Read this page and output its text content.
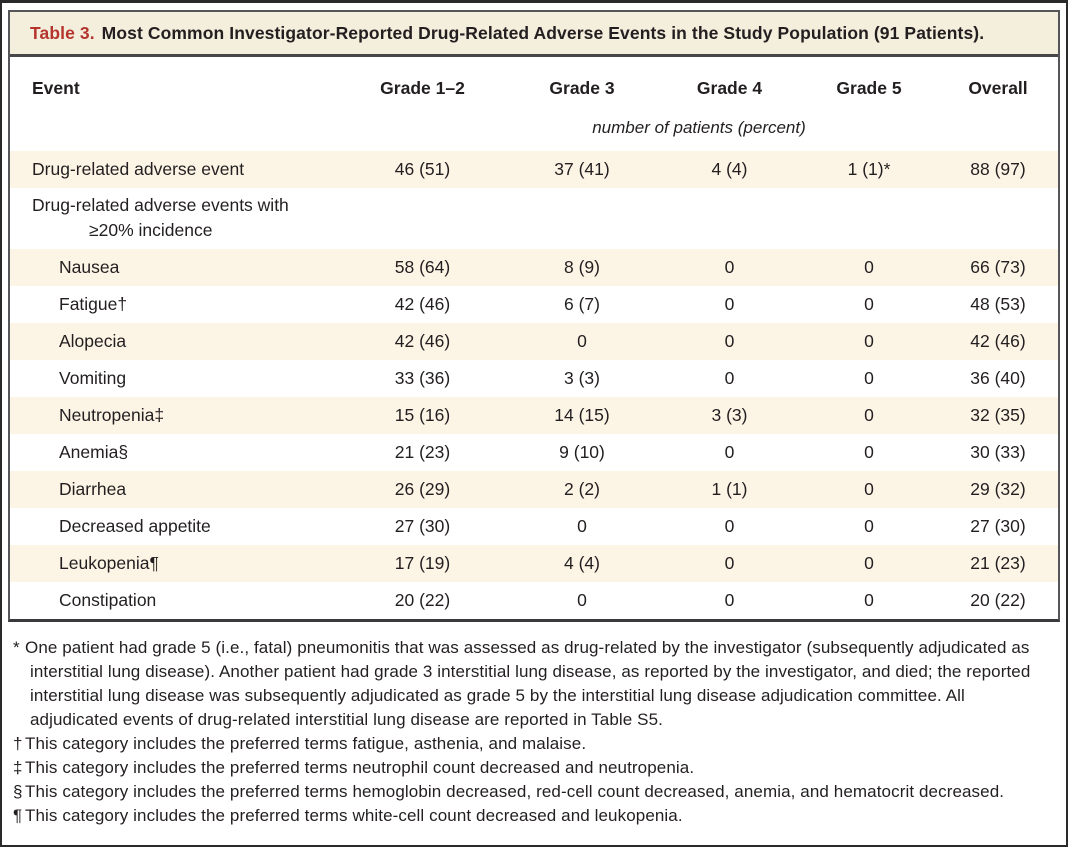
Table 3. Most Common Investigator-Reported Drug-Related Adverse Events in the Study Population (91 Patients).
Event	Grade 1–2	Grade 3	Grade 4	Grade 5	Overall
number of patients (percent)
Drug-related adverse event	46 (51)	37 (41)	4 (4)	1 (1)*	88 (97)
Drug-related adverse events with
≥20% incidence
Nausea	58 (64)	8 (9)	0	0	66 (73)
Fatigue†	42 (46)	6 (7)	0	0	48 (53)
Alopecia	42 (46)	0	0	0	42 (46)
Vomiting	33 (36)	3 (3)	0	0	36 (40)
Neutropenia‡	15 (16)	14 (15)	3 (3)	0	32 (35)
Anemia§	21 (23)	9 (10)	0	0	30 (33)
Diarrhea	26 (29)	2 (2)	1 (1)	0	29 (32)
Decreased appetite	27 (30)	0	0	0	27 (30)
Leukopenia¶	17 (19)	4 (4)	0	0	21 (23)
Constipation	20 (22)	0	0	0	20 (22)
* One patient had grade 5 (i.e., fatal) pneumonitis that was assessed as drug-related by the investigator (subsequently adjudicated as interstitial lung disease). Another patient had grade 3 interstitial lung disease, as reported by the investigator, and died; the reported interstitial lung disease was subsequently adjudicated as grade 5 by the interstitial lung disease adjudication committee. All adjudicated events of drug-related interstitial lung disease are reported in Table S5.
† This category includes the preferred terms fatigue, asthenia, and malaise.
‡ This category includes the preferred terms neutrophil count decreased and neutropenia.
§ This category includes the preferred terms hemoglobin decreased, red-cell count decreased, anemia, and hematocrit decreased.
¶ This category includes the preferred terms white-cell count decreased and leukopenia.
